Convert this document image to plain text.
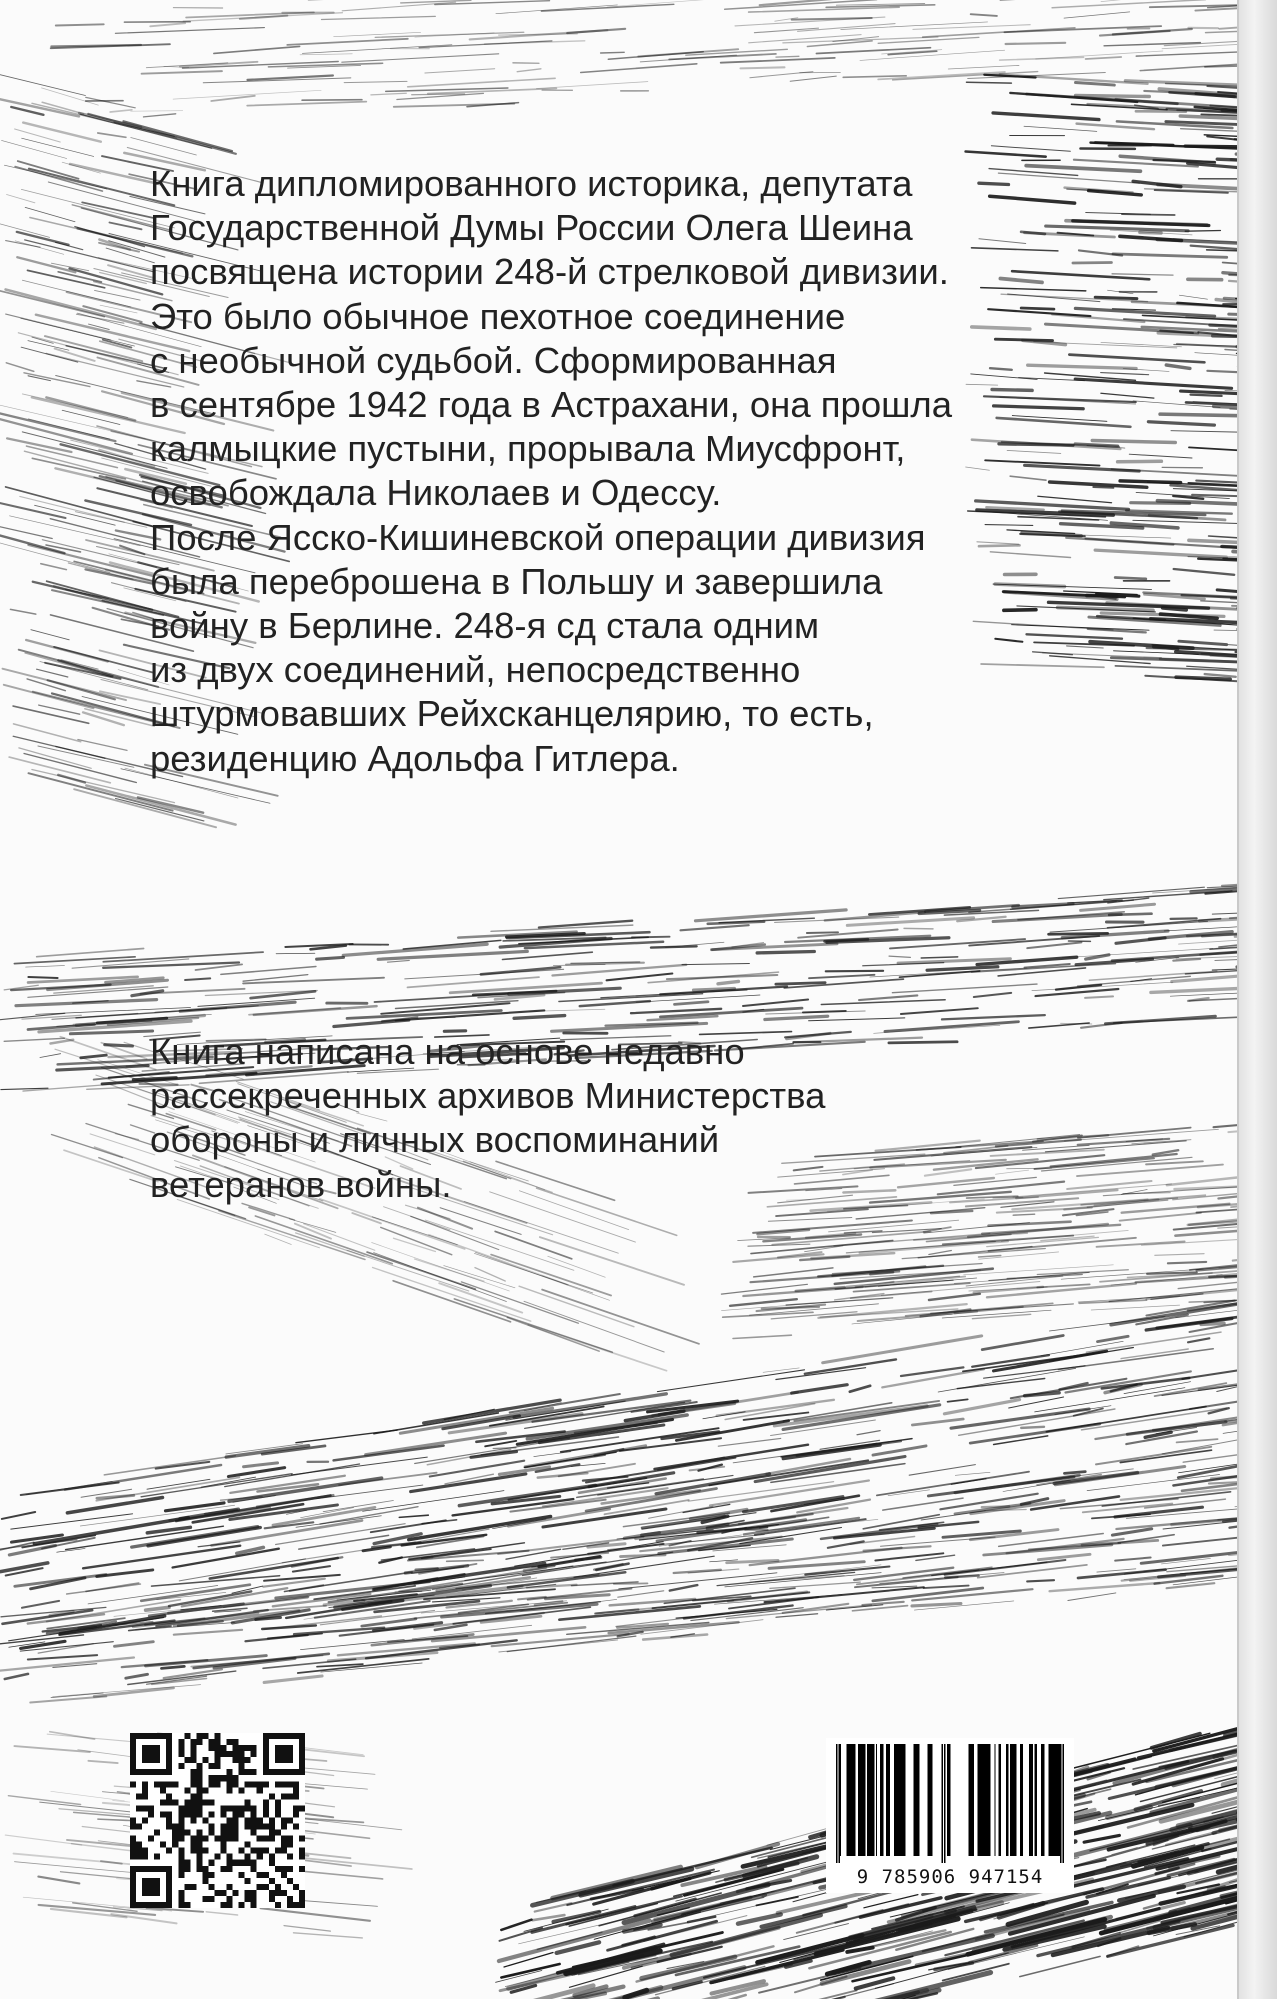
Книга дипломированного историка, депутата
Государственной Думы России Олега Шеина
посвящена истории 248-й стрелковой дивизии.
Это было обычное пехотное соединение
с необычной судьбой. Сформированная
в сентябре 1942 года в Астрахани, она прошла
калмыцкие пустыни, прорывала Миусфронт,
освобождала Николаев и Одессу.
После Ясско-Кишиневской операции дивизия
была переброшена в Польшу и завершила
войну в Берлине. 248-я сд стала одним
из двух соединений, непосредственно
штурмовавших Рейхсканцелярию, то есть,
резиденцию Адольфа Гитлера.
Книга написана на основе недавно
рассекреченных архивов Министерства
обороны и личных воспоминаний
ветеранов войны.
9 785906 947154
